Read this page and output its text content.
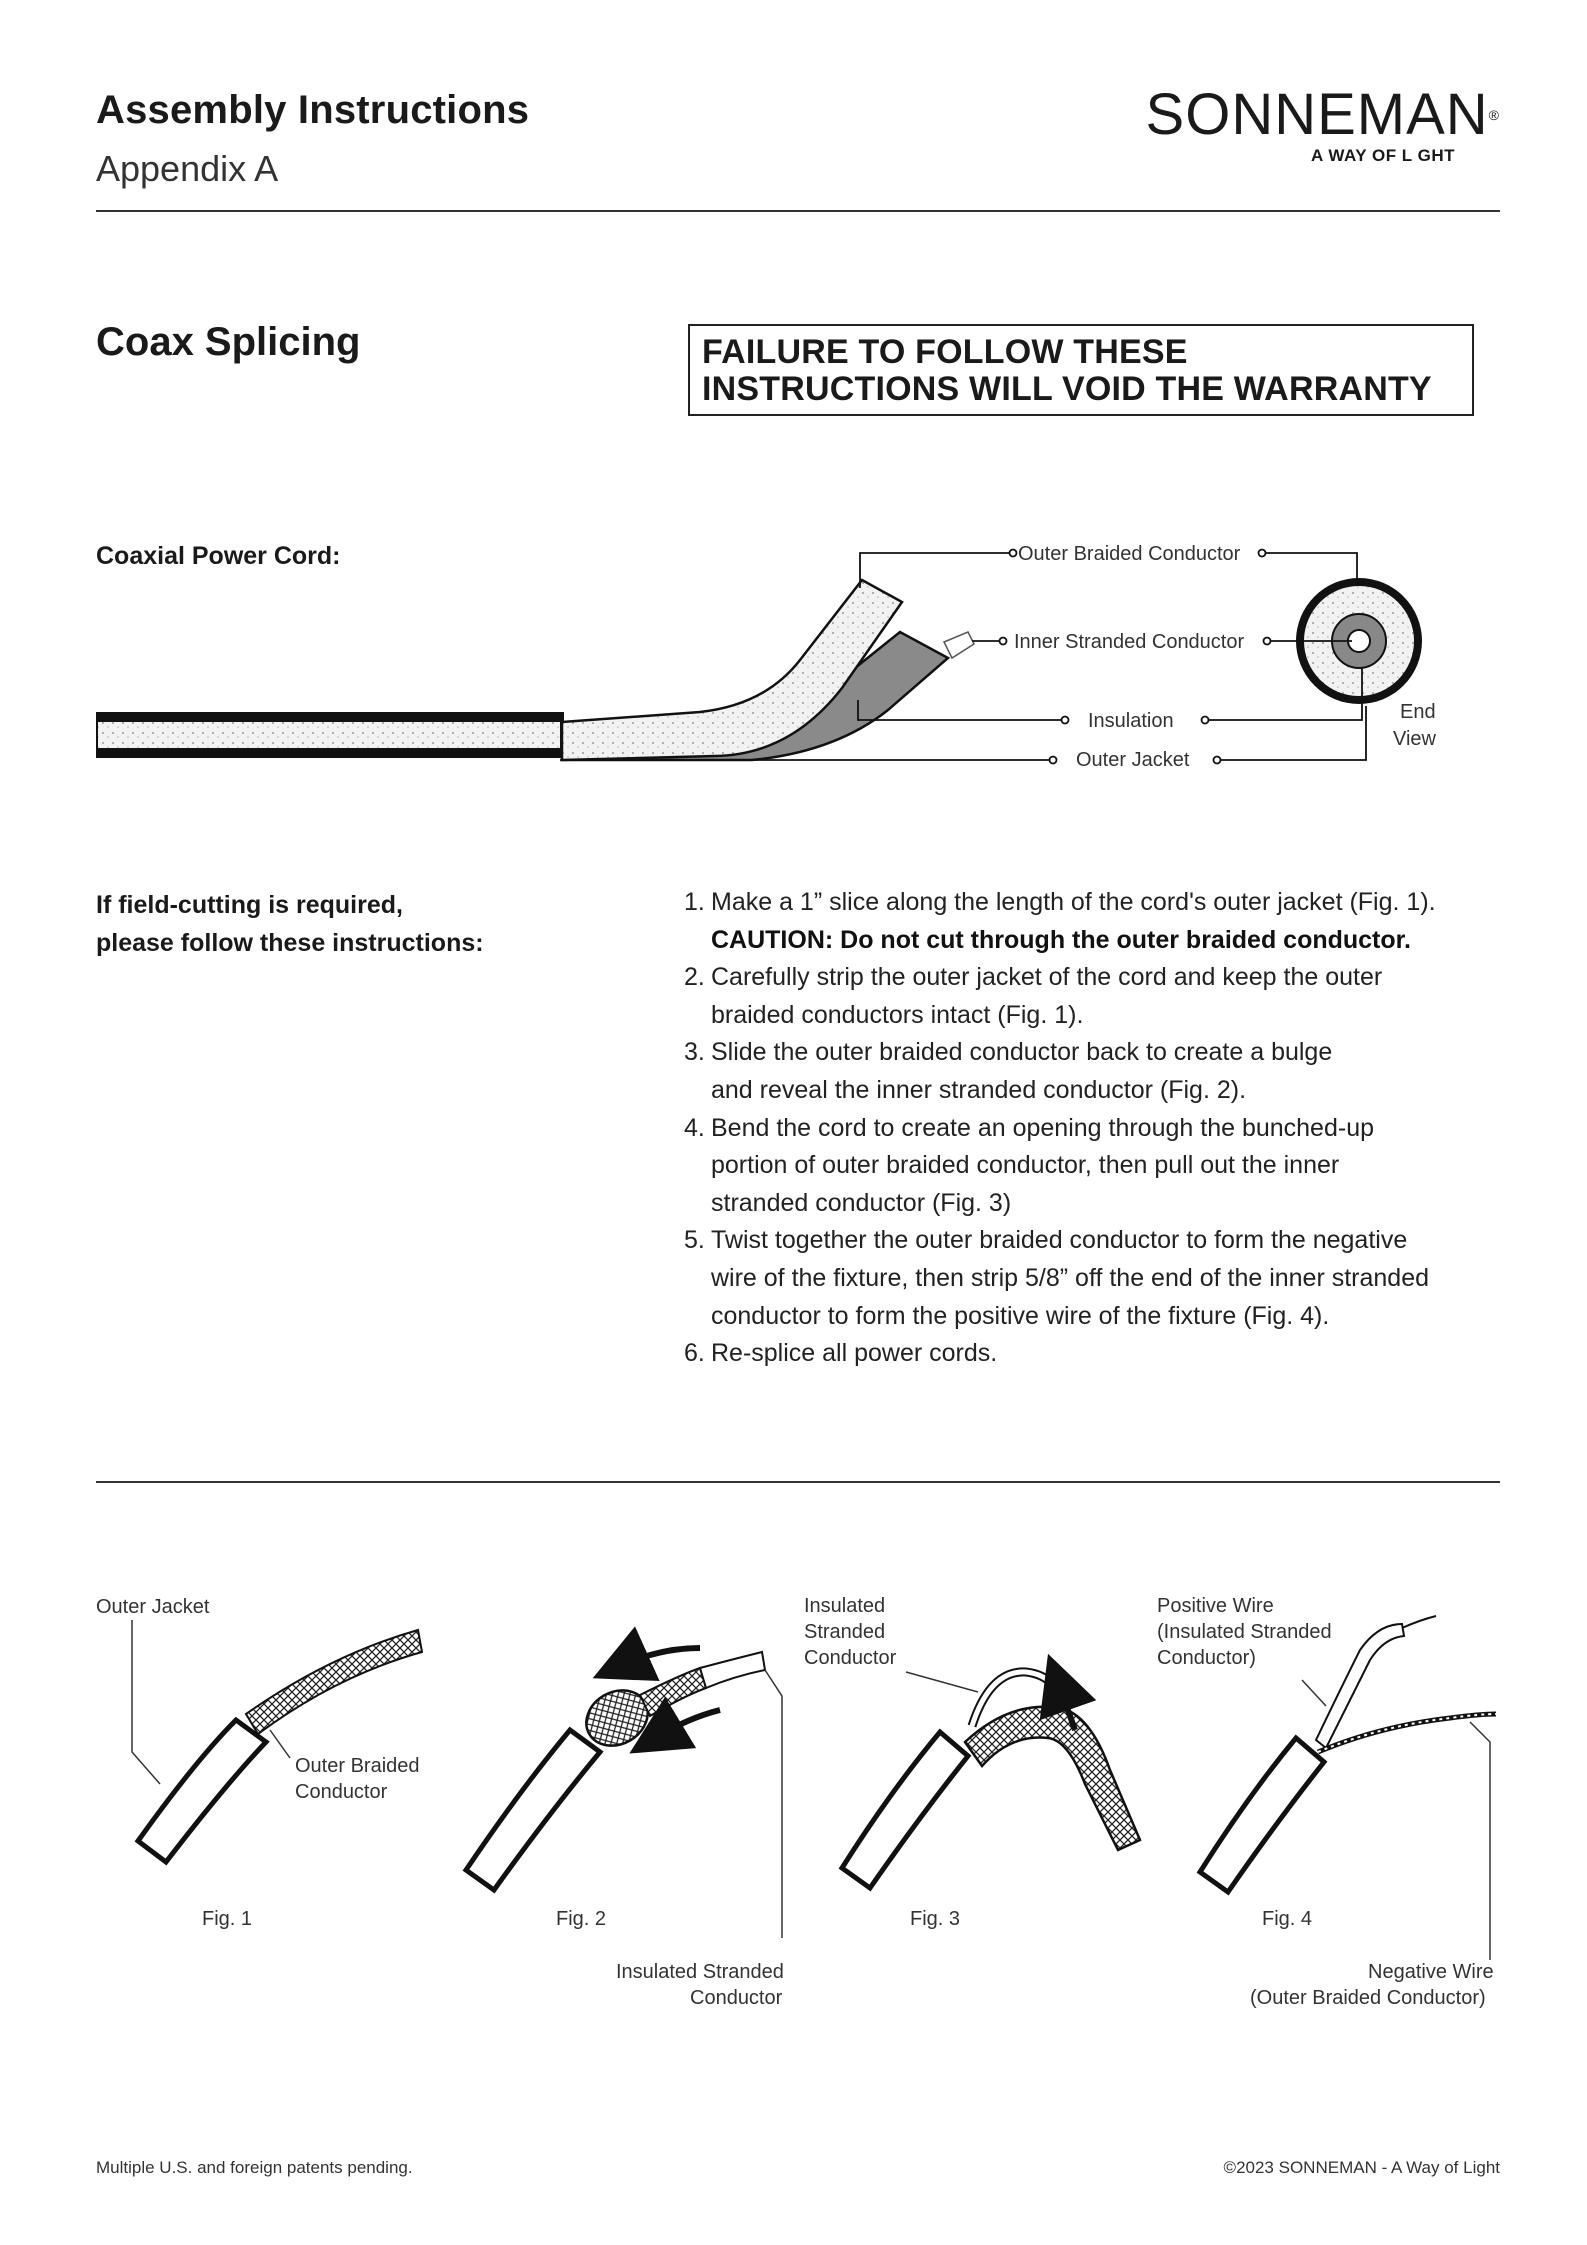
Assembly Instructions
Appendix A
SONNEMAN®
A WAY OF L GHT
Coax Splicing	FAILURE TO FOLLOW THESE
INSTRUCTIONS WILL VOID THE WARRANTY
Coaxial Power Cord:	Outer Braided Conductor
Inner Stranded Conductor
Insulation
Outer Jacket
End
View
Outer Jacket
Outer Braided
Conductor
Fig. 1	Fig. 2
Insulated Stranded
Conductor
Insulated
Stranded
Conductor
Fig. 3
Positive Wire
(Insulated Stranded
Conductor)
Fig. 4
Negative Wire
(Outer Braided Conductor)
If field-cutting is required,
please follow these instructions:
1. Make a 1” slice along the length of the cord's outer jacket (Fig. 1).
CAUTION: Do not cut through the outer braided conductor.
2. Carefully strip the outer jacket of the cord and keep the outer
braided conductors intact (Fig. 1).
3. Slide the outer braided conductor back to create a bulge
and reveal the inner stranded conductor (Fig. 2).
4. Bend the cord to create an opening through the bunched-up
portion of outer braided conductor, then pull out the inner
stranded conductor (Fig. 3)
5. Twist together the outer braided conductor to form the negative
wire of the fixture, then strip 5/8” off the end of the inner stranded
conductor to form the positive wire of the fixture (Fig. 4).
6. Re-splice all power cords.
Multiple U.S. and foreign patents pending.	©2023 SONNEMAN - A Way of Light
